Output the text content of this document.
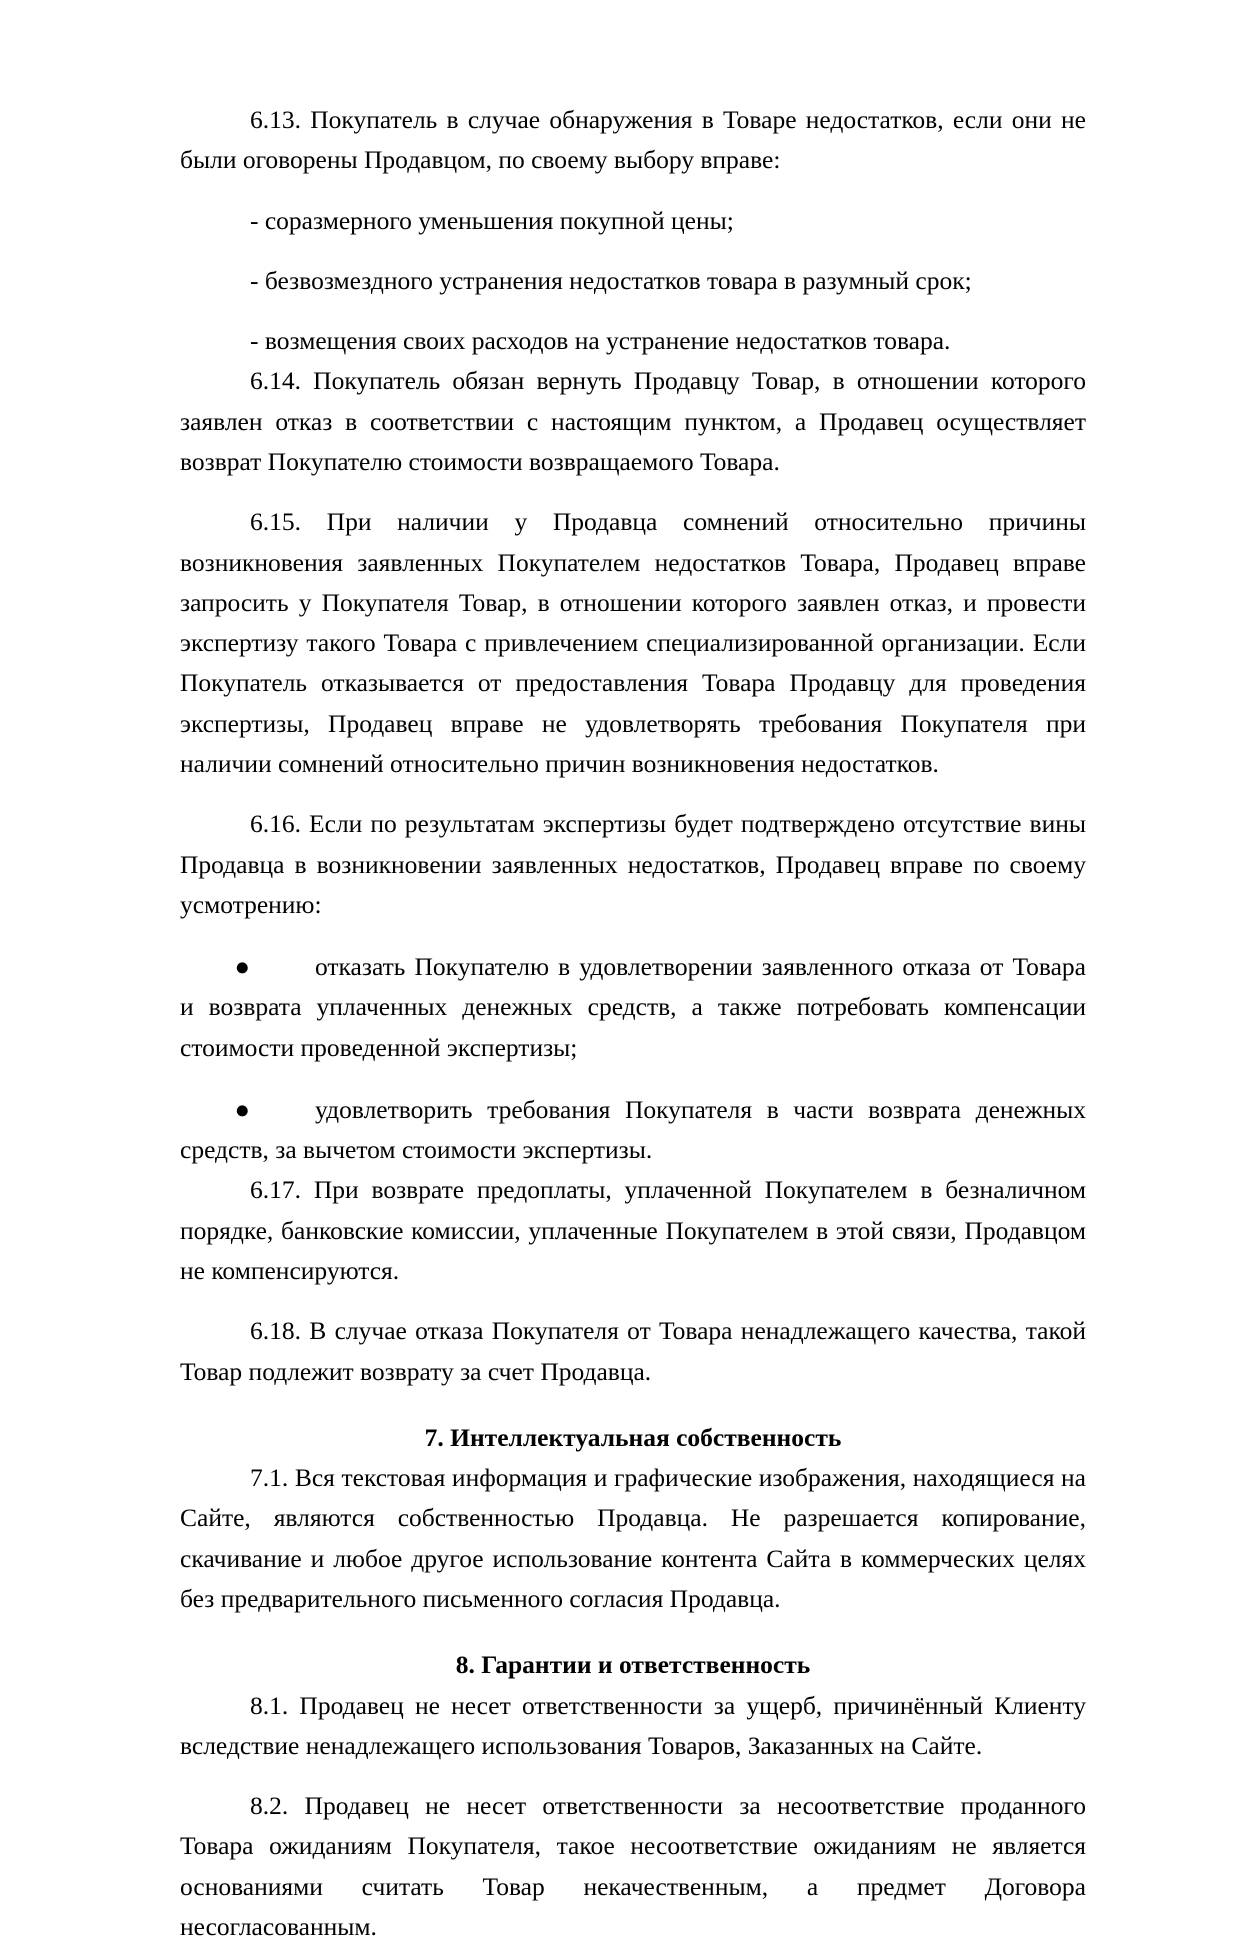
6.13. Покупатель в случае обнаружения в Товаре недостатков, если они не были оговорены Продавцом, по своему выбору вправе:

- соразмерного уменьшения покупной цены;

- безвозмездного устранения недостатков товара в разумный срок;

- возмещения своих расходов на устранение недостатков товара.

6.14. Покупатель обязан вернуть Продавцу Товар, в отношении которого заявлен отказ в соответствии с настоящим пунктом, а Продавец осуществляет возврат Покупателю стоимости возвращаемого Товара.

6.15. При наличии у Продавца сомнений относительно причины возникновения заявленных Покупателем недостатков Товара, Продавец вправе запросить у Покупателя Товар, в отношении которого заявлен отказ, и провести экспертизу такого Товара с привлечением специализированной организации. Если Покупатель отказывается от предоставления Товара Продавцу для проведения экспертизы, Продавец вправе не удовлетворять требования Покупателя при наличии сомнений относительно причин возникновения недостатков.

6.16. Если по результатам экспертизы будет подтверждено отсутствие вины Продавца в возникновении заявленных недостатков, Продавец вправе по своему усмотрению:

●	отказать Покупателю в удовлетворении заявленного отказа от Товара и возврата уплаченных денежных средств, а также потребовать компенсации стоимости проведенной экспертизы;

●	удовлетворить требования Покупателя в части возврата денежных средств, за вычетом стоимости экспертизы.

6.17. При возврате предоплаты, уплаченной Покупателем в безналичном порядке, банковские комиссии, уплаченные Покупателем в этой связи, Продавцом не компенсируются.

6.18. В случае отказа Покупателя от Товара ненадлежащего качества, такой Товар подлежит возврату за счет Продавца.

7. Интеллектуальная собственность

7.1. Вся текстовая информация и графические изображения, находящиеся на Сайте, являются собственностью Продавца. Не разрешается копирование, скачивание и любое другое использование контента Сайта в коммерческих целях без предварительного письменного согласия Продавца.

8. Гарантии и ответственность

8.1. Продавец не несет ответственности за ущерб, причинённый Клиенту вследствие ненадлежащего использования Товаров, Заказанных на Сайте.

8.2. Продавец не несет ответственности за несоответствие проданного Товара ожиданиям Покупателя, такое несоответствие ожиданиям не является основаниями считать Товар некачественным, а предмет Договора несогласованным.
